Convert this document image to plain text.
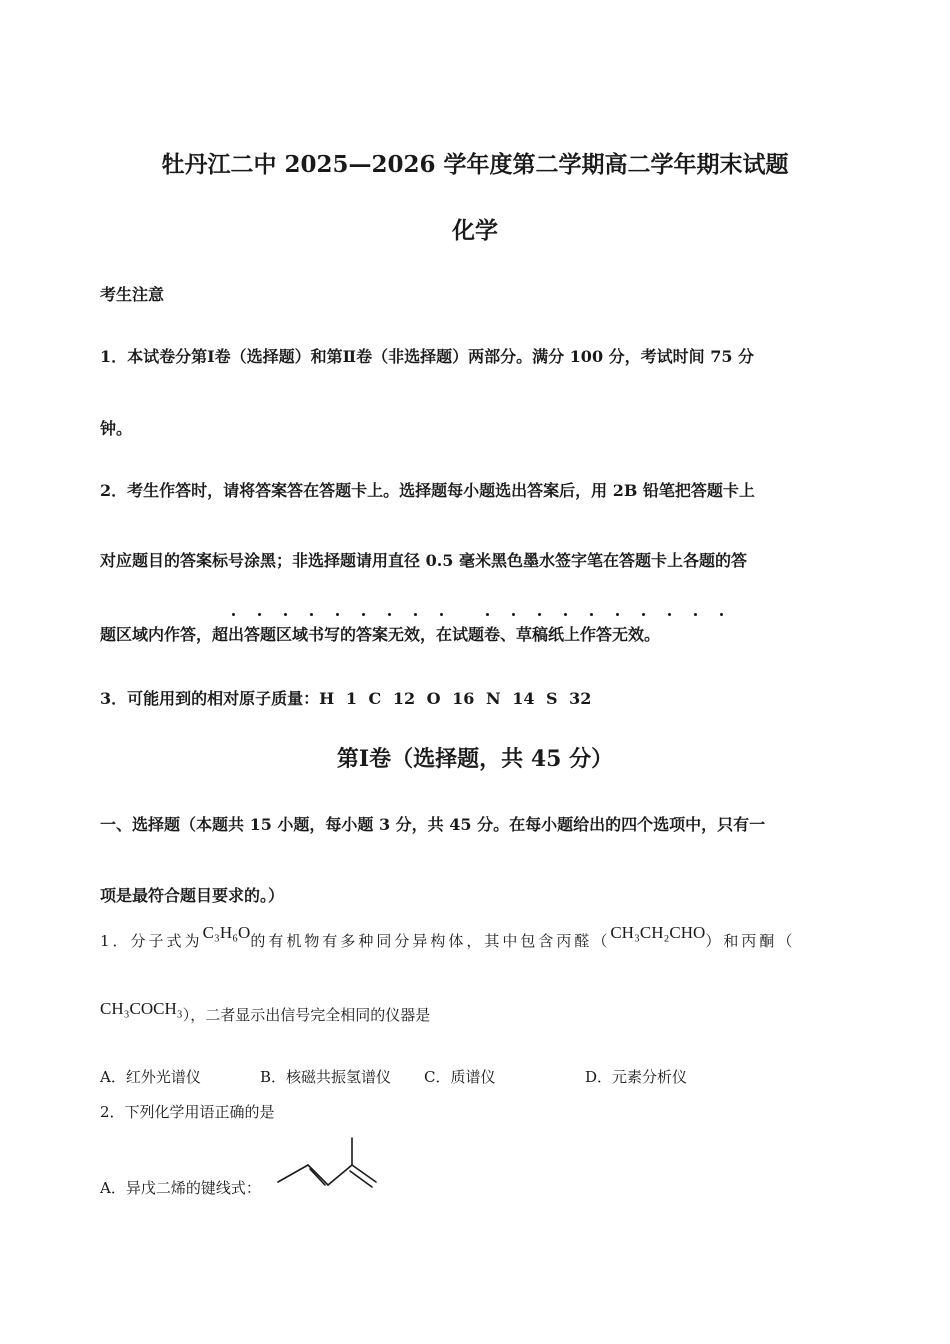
牡丹江二中 2025—2026 学年度第二学期高二学年期末试题
化学
考生注意
1．本试卷分第Ⅰ卷（选择题）和第Ⅱ卷（非选择题）两部分。满分 100 分，考试时间 75 分
钟。
2．考生作答时，请将答案答在答题卡上。选择题每小题选出答案后，用 2B 铅笔把答题卡上
对应题目的答案标号涂黑；非选择题请用直径 0.5 毫米黑色墨水签字笔在答题卡上各题的答
题区域内作答，超出答题区域书写的答案无效，在试题卷、草稿纸上作答无效。
3．可能用到的相对原子质量：H 1 C 12 O 16 N 14 S 32
第Ⅰ卷（选择题，共 45 分）
一、选择题（本题共 15 小题，每小题 3 分，共 45 分。在每小题给出的四个选项中，只有一
项是最符合题目要求的。）
1．分子式为C₃H₆O的有机物有多种同分异构体，其中包含丙醛（CH₃CH₂CHO）和丙酮（
CH₃COCH₃），二者显示出信号完全相同的仪器是
A．红外光谱仪	B．核磁共振氢谱仪 C．质谱仪	D．元素分析仪
2．下列化学用语正确的是
A．异戊二烯的键线式：
